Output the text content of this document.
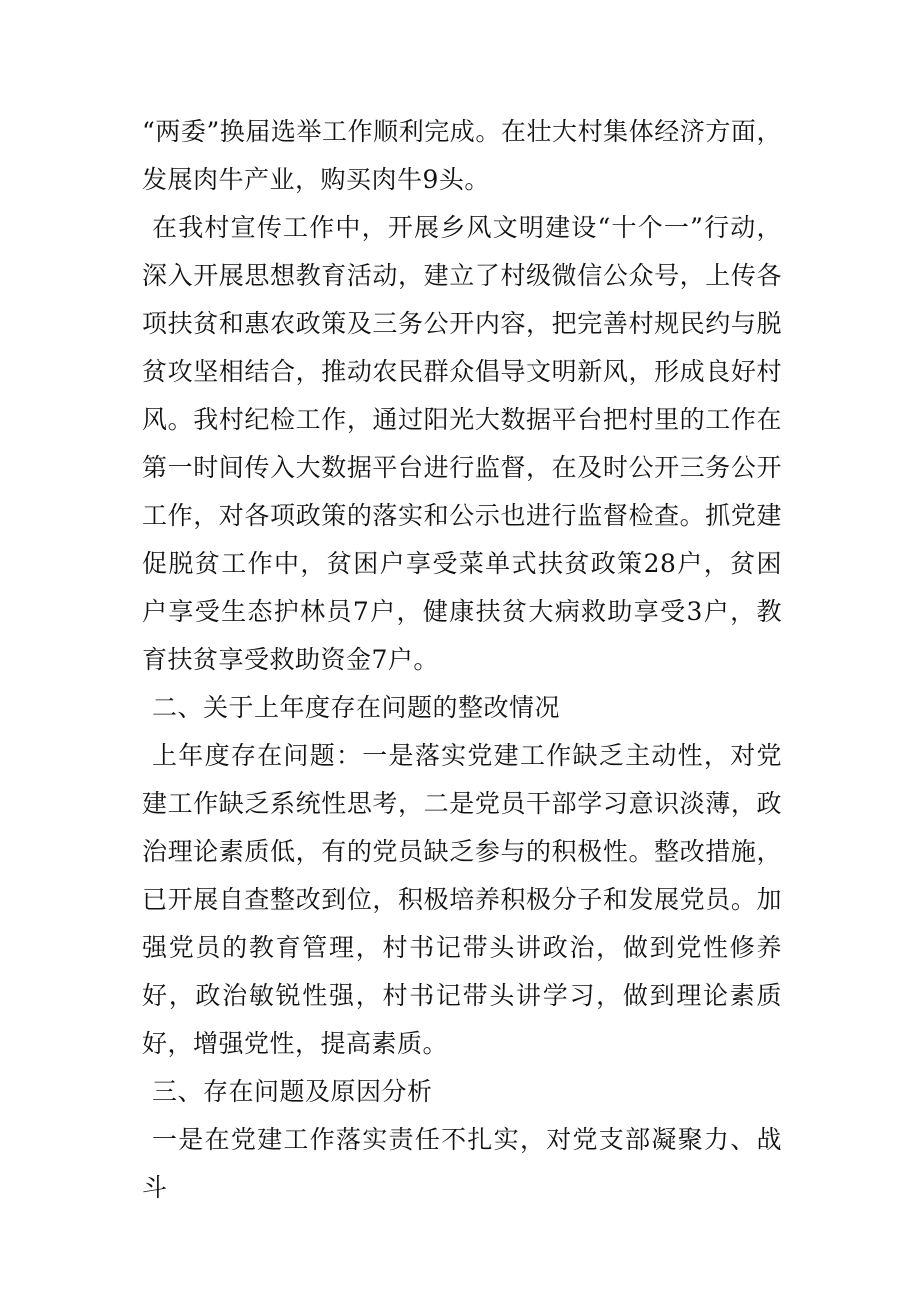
“两委”换届选举工作顺利完成。在壮大村集体经济方面，发展肉牛产业，购买肉牛9头。

在我村宣传工作中，开展乡风文明建设“十个一”行动，深入开展思想教育活动，建立了村级微信公众号，上传各项扶贫和惠农政策及三务公开内容，把完善村规民约与脱贫攻坚相结合，推动农民群众倡导文明新风，形成良好村风。我村纪检工作，通过阳光大数据平台把村里的工作在第一时间传入大数据平台进行监督，在及时公开三务公开工作，对各项政策的落实和公示也进行监督检查。抓党建促脱贫工作中，贫困户享受菜单式扶贫政策28户，贫困户享受生态护林员7户，健康扶贫大病救助享受3户，教育扶贫享受救助资金7户。

二、关于上年度存在问题的整改情况

上年度存在问题：一是落实党建工作缺乏主动性，对党建工作缺乏系统性思考，二是党员干部学习意识淡薄，政治理论素质低，有的党员缺乏参与的积极性。整改措施，已开展自查整改到位，积极培养积极分子和发展党员。加强党员的教育管理，村书记带头讲政治，做到党性修养好，政治敏锐性强，村书记带头讲学习，做到理论素质好，增强党性，提高素质。

三、存在问题及原因分析

一是在党建工作落实责任不扎实，对党支部凝聚力、战斗
